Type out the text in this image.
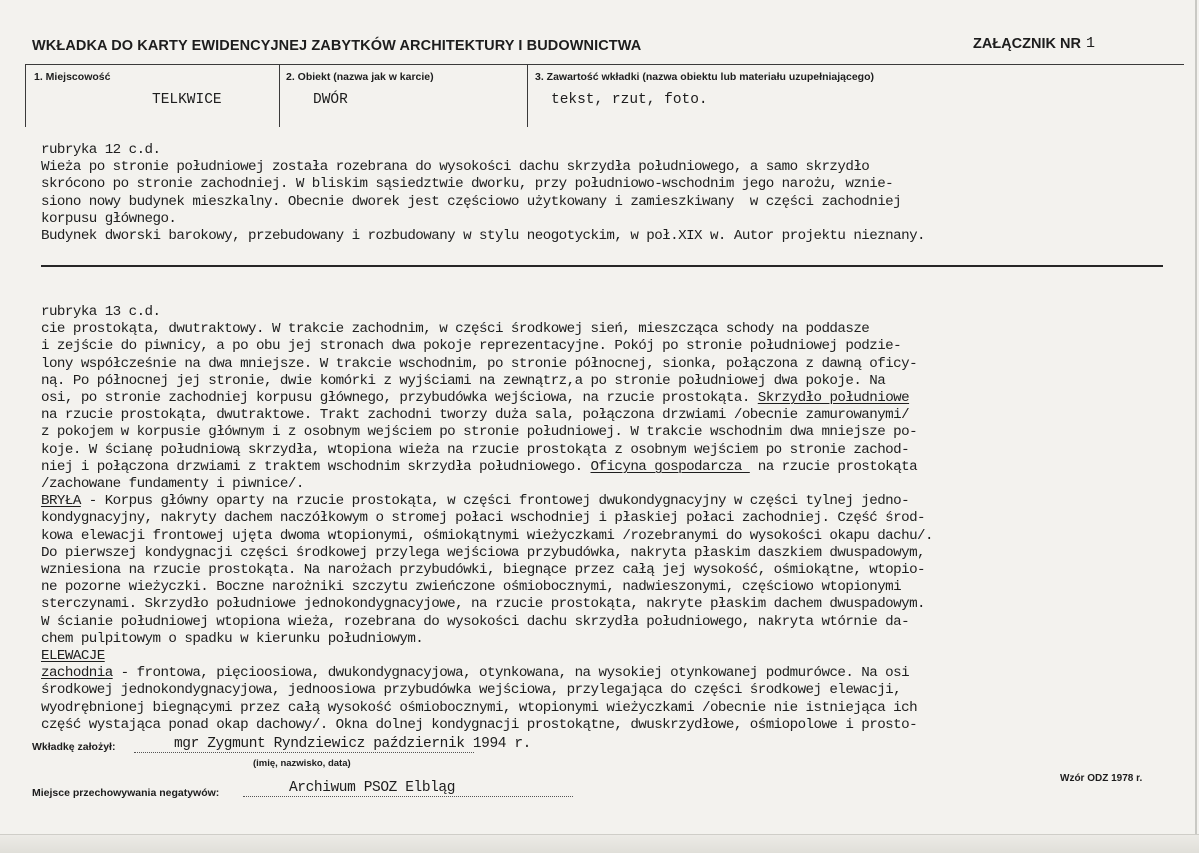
WKŁADKA DO KARTY EWIDENCYJNEJ ZABYTKÓW ARCHITEKTURY I BUDOWNICTWA	ZAŁĄCZNIK NR 1
1. Miejscowość
TELKWICE
2. Obiekt (nazwa jak w karcie)
DWÓR
3. Zawartość wkładki (nazwa obiektu lub materiału uzupełniającego)
tekst, rzut, foto.
rubryka 12 c.d.
Wieża po stronie południowej została rozebrana do wysokości dachu skrzydła południowego, a samo skrzydło
skrócono po stronie zachodniej. W bliskim sąsiedztwie dworku, przy południowo-wschodnim jego narożu, wznie-
siono nowy budynek mieszkalny. Obecnie dworek jest częściowo użytkowany i zamieszkiwany  w części zachodniej
korpusu głównego.
Budynek dworski barokowy, przebudowany i rozbudowany w stylu neogotyckim, w poł.XIX w. Autor projektu nieznany.
rubryka 13 c.d.
cie prostokąta, dwutraktowy. W trakcie zachodnim, w części środkowej sień, mieszcząca schody na poddasze
i zejście do piwnicy, a po obu jej stronach dwa pokoje reprezentacyjne. Pokój po stronie południowej podzie-
lony współcześnie na dwa mniejsze. W trakcie wschodnim, po stronie północnej, sionka, połączona z dawną oficy-
ną. Po północnej jej stronie, dwie komórki z wyjściami na zewnątrz,a po stronie południowej dwa pokoje. Na
osi, po stronie zachodniej korpusu głównego, przybudówka wejściowa, na rzucie prostokąta. Skrzydło południowe
na rzucie prostokąta, dwutraktowe. Trakt zachodni tworzy duża sala, połączona drzwiami /obecnie zamurowanymi/
z pokojem w korpusie głównym i z osobnym wejściem po stronie południowej. W trakcie wschodnim dwa mniejsze po-
koje. W ścianę południową skrzydła, wtopiona wieża na rzucie prostokąta z osobnym wejściem po stronie zachod-
niej i połączona drzwiami z traktem wschodnim skrzydła południowego. Oficyna gospodarcza  na rzucie prostokąta
/zachowane fundamenty i piwnice/.
BRYŁA - Korpus główny oparty na rzucie prostokąta, w części frontowej dwukondygnacyjny w części tylnej jedno-
kondygnacyjny, nakryty dachem naczółkowym o stromej połaci wschodniej i płaskiej połaci zachodniej. Część środ-
kowa elewacji frontowej ujęta dwoma wtopionymi, ośmiokątnymi wieżyczkami /rozebranymi do wysokości okapu dachu/.
Do pierwszej kondygnacji części środkowej przylega wejściowa przybudówka, nakryta płaskim daszkiem dwuspadowym,
wzniesiona na rzucie prostokąta. Na narożach przybudówki, biegnące przez całą jej wysokość, ośmiokątne, wtopio-
ne pozorne wieżyczki. Boczne narożniki szczytu zwieńczone ośmiobocznymi, nadwieszonymi, częściowo wtopionymi
sterczynami. Skrzydło południowe jednokondygnacyjowe, na rzucie prostokąta, nakryte płaskim dachem dwuspadowym.
W ścianie południowej wtopiona wieża, rozebrana do wysokości dachu skrzydła południowego, nakryta wtórnie da-
chem pulpitowym o spadku w kierunku południowym.
ELEWACJE
zachodnia - frontowa, pięcioosiowa, dwukondygnacyjowa, otynkowana, na wysokiej otynkowanej podmurówce. Na osi
środkowej jednokondygnacyjowa, jednoosiowa przybudówka wejściowa, przylegająca do części środkowej elewacji,
wyodrębnionej biegnącymi przez całą wysokość ośmiobocznymi, wtopionymi wieżyczkami /obecnie nie istniejąca ich
część wystająca ponad okap dachowy/. Okna dolnej kondygnacji prostokątne, dwuskrzydłowe, ośmiopolowe i prosto-
Wkładkę założył:	mgr Zygmunt Ryndziewicz październik 1994 r.
(imię, nazwisko, data)
Miejsce przechowywania negatywów:	Archiwum PSOZ Elbląg
Wzór ODZ 1978 r.
